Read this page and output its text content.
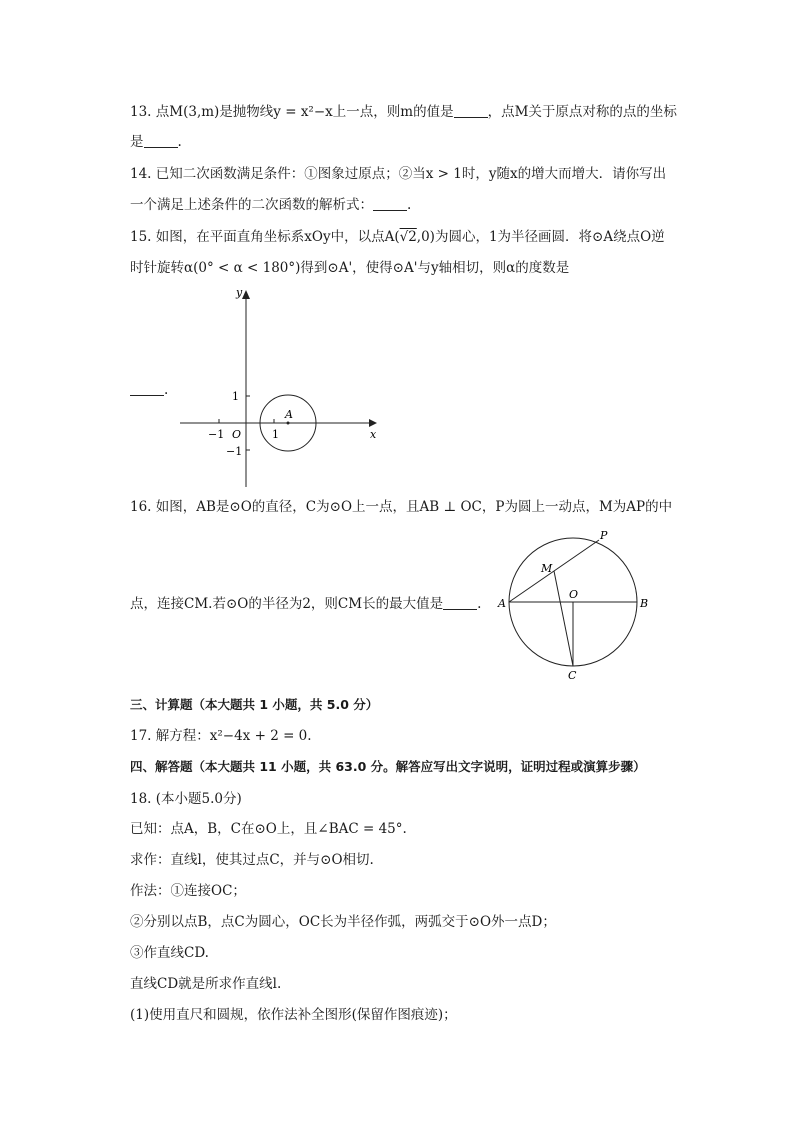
13. 点M(3,m)是抛物线y = x²−x上一点，则m的值是	，点M关于原点对称的点的坐标
是	.
14. 已知二次函数满足条件：①图象过原点；②当x > 1时，y随x的增大而增大．请你写出
一个满足上述条件的二次函数的解析式：	.
15. 如图，在平面直角坐标系xOy中，以点A(√2,0)为圆心，1为半径画圆．将⊙A绕点O逆
时针旋转α(0° < α < 180°)得到⊙A'，使得⊙A'与y轴相切，则α的度数是
.
y
x
O
−1	1
1
−1
A
16. 如图，AB是⊙O的直径，C为⊙O上一点，且AB ⊥ OC，P为圆上一动点，M为AP的中
点，连接CM.若⊙O的半径为2，则CM长的最大值是	. A	B
O
P
M
C
三、计算题（本大题共 1 小题，共 5.0 分）
17. 解方程：x²−4x + 2 = 0.
四、解答题（本大题共 11 小题，共 63.0 分。解答应写出文字说明，证明过程或演算步骤）
18. (本小题5.0分)
已知：点A，B，C在⊙O上，且∠BAC = 45°.
求作：直线l，使其过点C，并与⊙O相切.
作法：①连接OC；
②分别以点B，点C为圆心，OC长为半径作弧，两弧交于⊙O外一点D；
③作直线CD.
直线CD就是所求作直线l.
(1)使用直尺和圆规，依作法补全图形(保留作图痕迹)；
